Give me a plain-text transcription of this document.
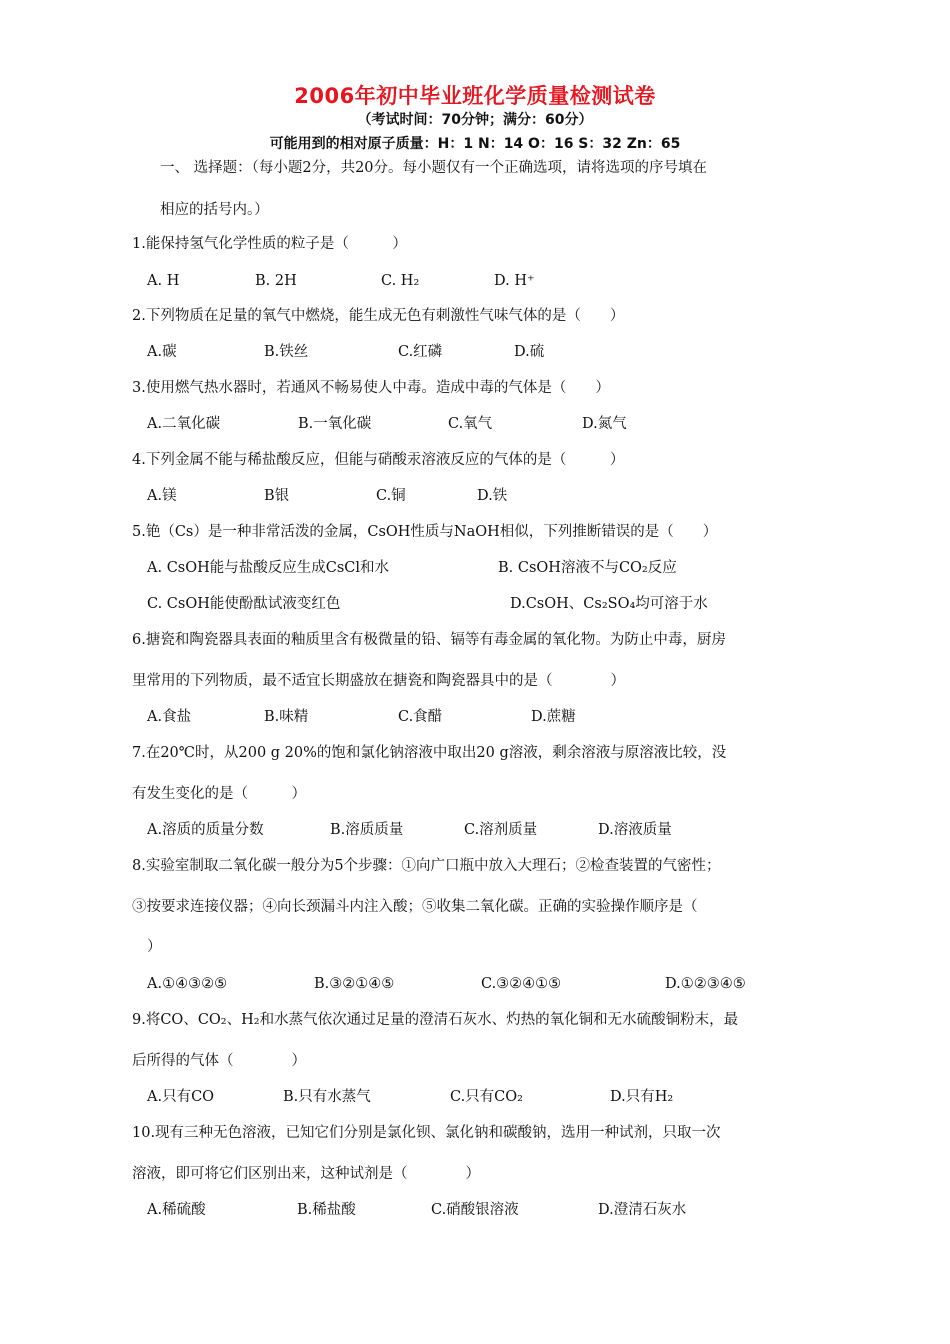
2006年初中毕业班化学质量检测试卷
（考试时间：70分钟；满分：60分）
可能用到的相对原子质量：H：1 N：14 O：16 S：32 Zn：65
一、 选择题：（每小题2分，共20分。每小题仅有一个正确选项，请将选项的序号填在
相应的括号内。）
1.能保持氢气化学性质的粒子是（　　　）
A. H	B. 2H	C. H₂	D. H⁺
2.下列物质在足量的氧气中燃烧，能生成无色有刺激性气味气体的是（　　）
A.碳	B.铁丝	C.红磷	D.硫
3.使用燃气热水器时，若通风不畅易使人中毒。造成中毒的气体是（　　）
A.二氧化碳	B.一氧化碳	C.氧气	D.氮气
4.下列金属不能与稀盐酸反应，但能与硝酸汞溶液反应的气体的是（　　　）
A.镁	B银	C.铜	D.铁
5.铯（Cs）是一种非常活泼的金属，CsOH性质与NaOH相似，下列推断错误的是（　　）
A. CsOH能与盐酸反应生成CsCl和水	B. CsOH溶液不与CO₂反应
C. CsOH能使酚酞试液变红色	D.CsOH、Cs₂SO₄均可溶于水
6.搪瓷和陶瓷器具表面的釉质里含有极微量的铅、镉等有毒金属的氧化物。为防止中毒，厨房
里常用的下列物质，最不适宜长期盛放在搪瓷和陶瓷器具中的是（　　　　）
A.食盐	B.味精	C.食醋	D.蔗糖
7.在20℃时，从200 g 20%的饱和氯化钠溶液中取出20 g溶液，剩余溶液与原溶液比较，没
有发生变化的是（　　　）
A.溶质的质量分数	B.溶质质量	C.溶剂质量	D.溶液质量
8.实验室制取二氧化碳一般分为5个步骤：①向广口瓶中放入大理石；②检查装置的气密性；
③按要求连接仪器；④向长颈漏斗内注入酸；⑤收集二氧化碳。正确的实验操作顺序是（
）
A.①④③②⑤	B.③②①④⑤	C.③②④①⑤	D.①②③④⑤
9.将CO、CO₂、H₂和水蒸气依次通过足量的澄清石灰水、灼热的氧化铜和无水硫酸铜粉末，最
后所得的气体（　　　　）
A.只有CO	B.只有水蒸气	C.只有CO₂	D.只有H₂
10.现有三种无色溶液，已知它们分别是氯化钡、氯化钠和碳酸钠，选用一种试剂，只取一次
溶液，即可将它们区别出来，这种试剂是（　　　　）
A.稀硫酸	B.稀盐酸	C.硝酸银溶液	D.澄清石灰水
